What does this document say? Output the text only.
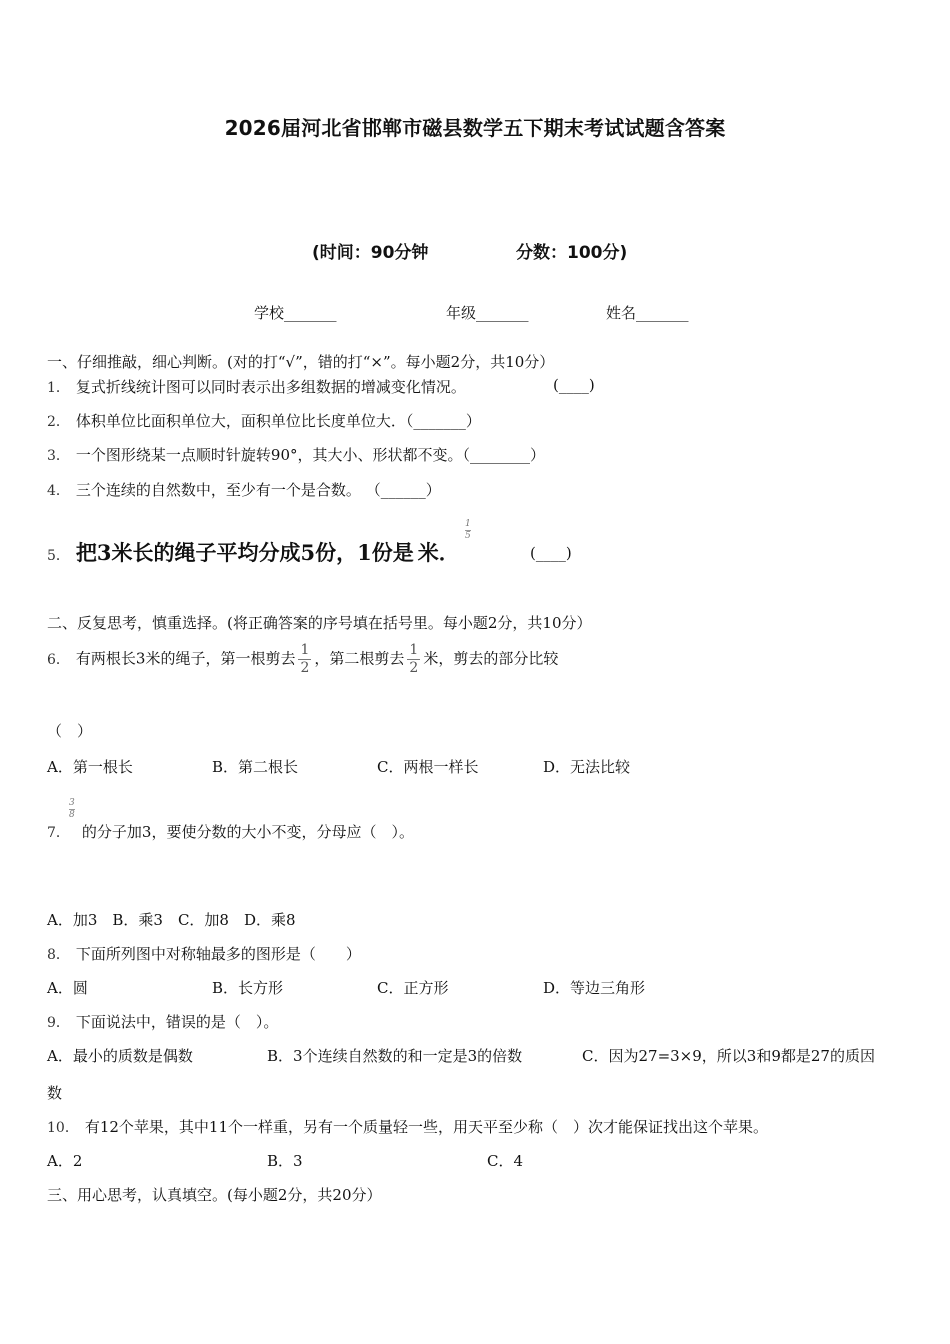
2026届河北省邯郸市磁县数学五下期末考试试题含答案
(时间：90分钟	分数：100分)
学校_______	年级_______	姓名_______
一、仔细推敲，细心判断。(对的打“√”，错的打“×”。每小题2分，共10分）
1． 复式折线统计图可以同时表示出多组数据的增减变化情况。	(____)
2． 体积单位比面积单位大，面积单位比长度单位大．（_______）
3． 一个图形绕某一点顺时针旋转90°，其大小、形状都不变。（________）
4． 三个连续的自然数中，至少有一个是合数。 （______）
5． 把3米长的绳子平均分成5份，1份是 米．
1
5
(____)
二、反复思考，慎重选择。(将正确答案的序号填在括号里。每小题2分，共10分）
6． 有两根长3米的绳子，第一根剪去 $\frac{1}{2}$ ，第二根剪去 $\frac{1}{2}$ 米，剪去的部分比较
（　）
A．第一根长	B．第二根长	C．两根一样长	D．无法比较
3
8
7． 的分子加3，要使分数的大小不变，分母应（　）。
A．加3　B．乘3　C．加8　D．乘8
8． 下面所列图中对称轴最多的图形是（　　）
A．圆	B．长方形	C．正方形	D．等边三角形
9． 下面说法中，错误的是（　）。
A．最小的质数是偶数	B．3个连续自然数的和一定是3的倍数	C．因为27=3×9，所以3和9都是27的质因
数
10． 有12个苹果，其中11个一样重，另有一个质量轻一些，用天平至少称（　）次才能保证找出这个苹果。
A．2	B．3	C．4
三、用心思考，认真填空。(每小题2分，共20分）
